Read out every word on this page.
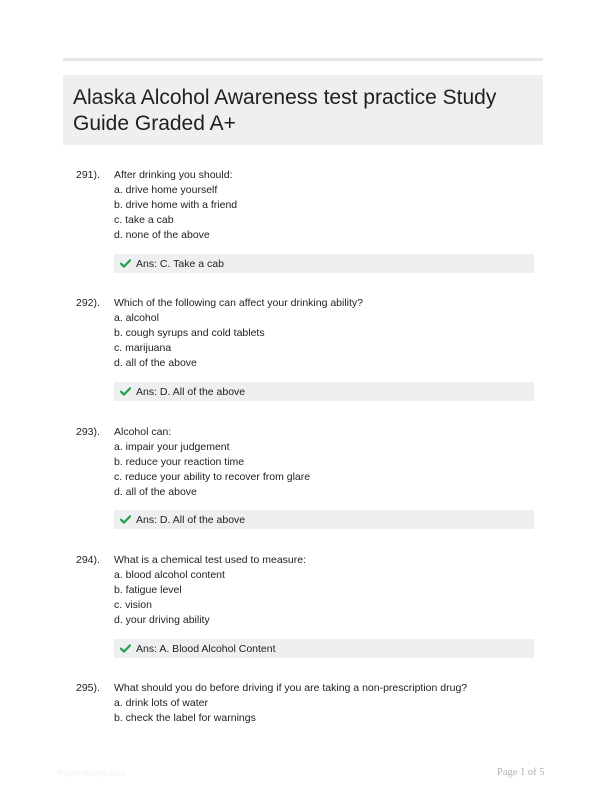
Alaska Alcohol Awareness test practice Study Guide Graded A+
291). After drinking you should:
a. drive home yourself
b. drive home with a friend
c. take a cab
d. none of the above
Ans: C. Take a cab
292). Which of the following can affect your drinking ability?
a. alcohol
b. cough syrups and cold tablets
c. marijuana
d. all of the above
Ans: D. All of the above
293). Alcohol can:
a. impair your judgement
b. reduce your reaction time
c. reduce your ability to recover from glare
d. all of the above
Ans: D. All of the above
294). What is a chemical test used to measure:
a. blood alcohol content
b. fatigue level
c. vision
d. your driving ability
Ans: A. Blood Alcohol Content
295). What should you do before driving if you are taking a non-prescription drug?
a. drink lots of water
b. check the label for warnings
Paperlibrary.com	Page 1 of 5
